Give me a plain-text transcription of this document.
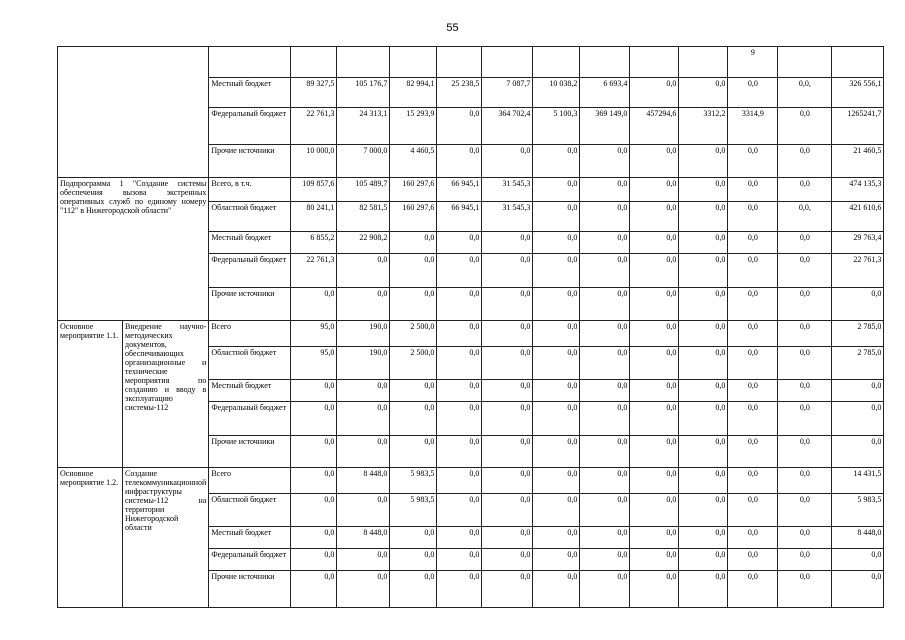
55
												9		
		Местный бюджет	89 327,5	105 176,7	82 994,1	25 238,5	7 087,7	10 038,2	6 693,4	0,0	0,0	0,0	0,0,	326 556,1
		Федеральный бюджет	22 761,3	24 313,1	15 293,9	0,0	364 702,4	5 100,3	369 149,0	457294,6	3312,2	3314,9	0,0	1265241,7
		Прочие источники	10 000,0	7 000,0	4 460,5	0,0	0,0	0,0	0,0	0,0	0,0	0,0	0,0	21 460,5
Подпрограмма 1 "Создание системы обеспечения вызова экстренных оперативных служб по единому номеру "112" в Нижегородской области"		Всего, в т.ч.	109 857,6	105 489,7	160 297,6	66 945,1	31 545,3	0,0	0,0	0,0	0,0	0,0	0,0	474 135,3
		Областной бюджет	80 241,1	82 581,5	160 297,6	66 945,1	31 545,3	0,0	0,0	0,0	0,0	0,0	0,0,	421 610,6
		Местный бюджет	6 855,2	22 908,2	0,0	0,0	0,0	0,0	0,0	0,0	0,0	0,0	0,0	29 763,4
		Федеральный бюджет	22 761,3	0,0	0,0	0,0	0,0	0,0	0,0	0,0	0,0	0,0	0,0	22 761,3
		Прочие источники	0,0	0,0	0,0	0,0	0,0	0,0	0,0	0,0	0,0	0,0	0,0	0,0
Основное мероприятие 1.1.	Внедрение научно-методических документов, обеспечивающих организационные и технические мероприятия по созданию и вводу в эксплуатацию системы-112	Всего	95,0	190,0	2 500,0	0,0	0,0	0,0	0,0	0,0	0,0	0,0	0,0	2 785,0
		Областной бюджет	95,0	190,0	2 500,0	0,0	0,0	0,0	0,0	0,0	0,0	0,0	0,0	2 785,0
		Местный бюджет	0,0	0,0	0,0	0,0	0,0	0,0	0,0	0,0	0,0	0,0	0,0	0,0
		Федеральный бюджет	0,0	0,0	0,0	0,0	0,0	0,0	0,0	0,0	0,0	0,0	0,0	0,0
		Прочие источники	0,0	0,0	0,0	0,0	0,0	0,0	0,0	0,0	0,0	0,0	0,0	0,0
Основное мероприятие 1.2.	Создание телекоммуникационной инфраструктуры системы-112 на территории Нижегородской области	Всего	0,0	8 448,0	5 983,5	0,0	0,0	0,0	0,0	0,0	0,0	0,0	0,0	14 431,5
		Областной бюджет	0,0	0,0	5 983,5	0,0	0,0	0,0	0,0	0,0	0,0	0,0	0,0	5 983,5
		Местный бюджет	0,0	8 448,0	0,0	0,0	0,0	0,0	0,0	0,0	0,0	0,0	0,0	8 448,0
		Федеральный бюджет	0,0	0,0	0,0	0,0	0,0	0,0	0,0	0,0	0,0	0,0	0,0	0,0
		Прочие источники	0,0	0,0	0,0	0,0	0,0	0,0	0,0	0,0	0,0	0,0	0,0	0,0
